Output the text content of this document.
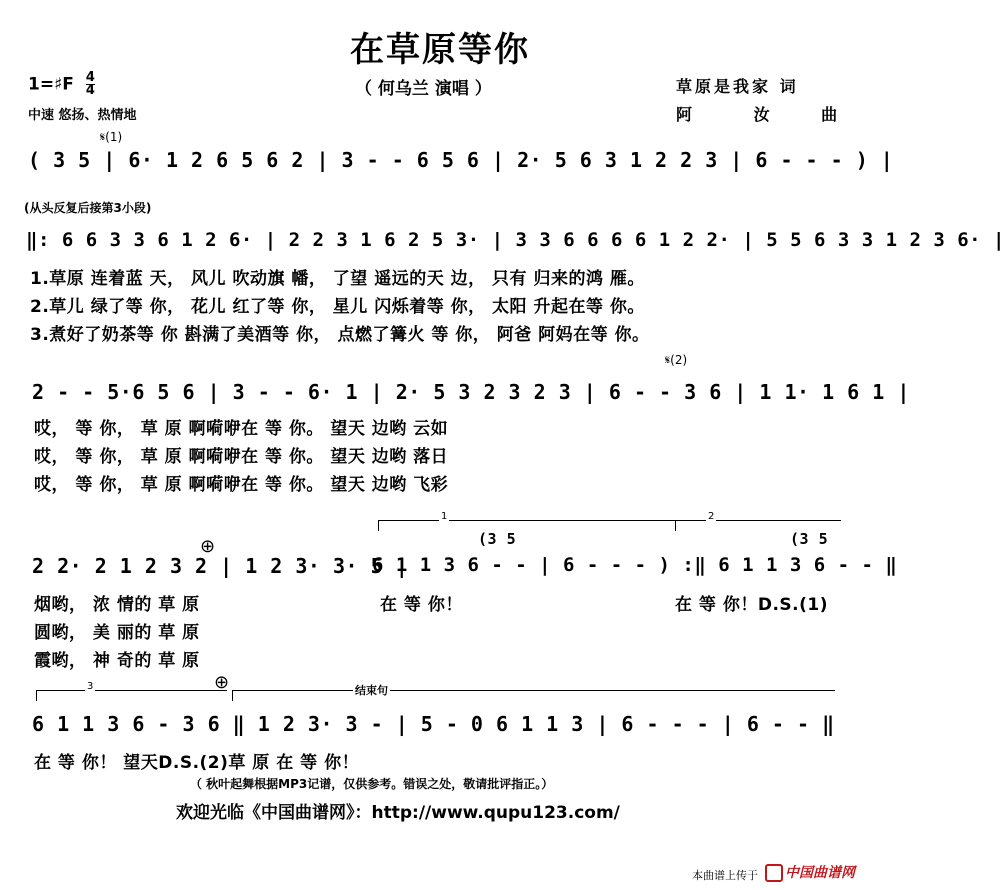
在草原等你
1=♯F $\frac{4}{4}$	（ 何乌兰 演唱 ）	草原是我家 词
中速 悠扬、热情地	阿 汝 曲
𝄋(1)
( 3 5 | 6· 1 2 6 5 6 2 | 3 - - 6 5 6 | 2· 5 6 3 1 2 2 3 | 6 - - - ) |
(从头反复后接第3小段)
‖: 6 6 3 3 6 1 2 6· | 2 2 3 1 6 2 5 3· | 3 3 6 6 6 6 1 2 2· | 5 5 6 3 3 1 2 3 6· |
1.草原 连着蓝 天， 风儿 吹动旗 幡， 了望 遥远的天 边， 只有 归来的鸿 雁。
2.草儿 绿了等 你， 花儿 红了等 你， 星儿 闪烁着等 你， 太阳 升起在等 你。
3.煮好了奶茶等 你 斟满了美酒等 你， 点燃了篝火 等 你， 阿爸 阿妈在等 你。
𝄋(2)
2 - - 5·6 5 6 | 3 - - 6· 1 | 2· 5 3 2 3 2 3 | 6 - - 3 6 | 1 1· 1 6 1 |
哎， 等 你， 草 原 啊嗬咿在 等 你。 望天 边哟 云如
哎， 等 你， 草 原 啊嗬咿在 等 你。 望天 边哟 落日
哎， 等 你， 草 原 啊嗬咿在 等 你。 望天 边哟 飞彩
1	2
(3 5	(3 5
⊕
2 2· 2 1 2 3 2 | 1 2 3· 3· 5 |
6 1 1 3 6 - - | 6 - - - ) :‖ 6 1 1 3 6 - - ‖
烟哟， 浓 情的 草 原	在 等 你！	在 等 你！D.S.(1)
圆哟， 美 丽的 草 原
霞哟， 神 奇的 草 原
3	⊕	结束句
6 1 1 3 6 - 3 6 ‖ 1 2 3· 3 - | 5 - 0 6 1 1 3 | 6 - - - | 6 - - ‖
在 等 你！ 望天D.S.(2)草 原 在 等 你！
（ 秋叶起舞根据MP3记谱，仅供参考。错误之处，敬请批评指正。）
欢迎光临《中国曲谱网》：http://www.qupu123.com/
本曲谱上传于	中国曲谱网
